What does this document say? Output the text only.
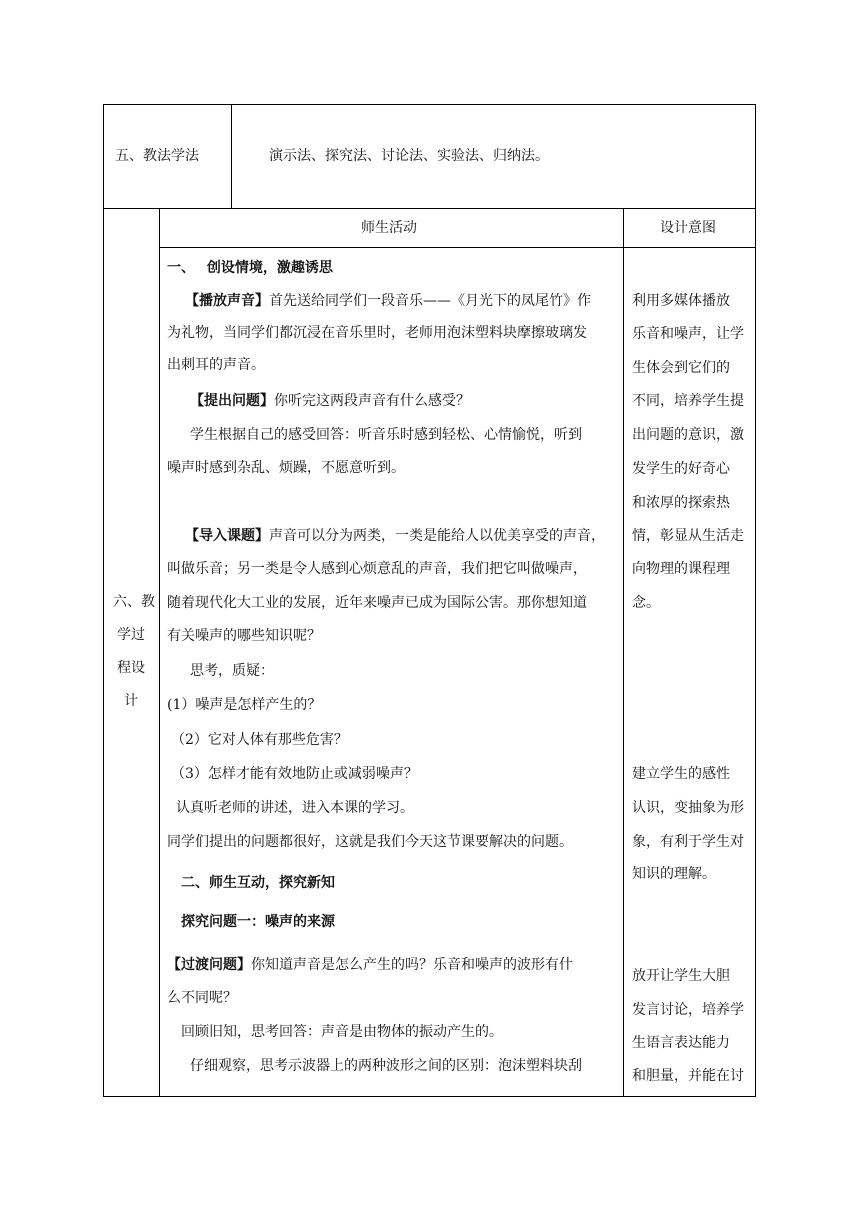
五、教法学法	演示法、探究法、讨论法、实验法、归纳法。
六、教
学过
程设
计
师生活动	设计意图
一、　 创设情境，激趣诱思
【播放声音】首先送给同学们一段音乐——《月光下的凤尾竹》作
为礼物，当同学们都沉浸在音乐里时，老师用泡沫塑料块摩擦玻璃发
出刺耳的声音。
【提出问题】你听完这两段声音有什么感受？
学生根据自己的感受回答：听音乐时感到轻松、心情愉悦，听到
噪声时感到杂乱、烦躁，不愿意听到。
【导入课题】声音可以分为两类，一类是能给人以优美享受的声音，
叫做乐音；另一类是令人感到心烦意乱的声音，我们把它叫做噪声，
随着现代化大工业的发展，近年来噪声已成为国际公害。那你想知道
有关噪声的哪些知识呢？
思考，质疑：
(1）噪声是怎样产生的？
（2）它对人体有那些危害？
（3）怎样才能有效地防止或减弱噪声？
认真听老师的讲述，进入本课的学习。
同学们提出的问题都很好，这就是我们今天这节课要解决的问题。
二、师生互动，探究新知
探究问题一：噪声的来源
【过渡问题】你知道声音是怎么产生的吗？乐音和噪声的波形有什
么不同呢？
回顾旧知，思考回答：声音是由物体的振动产生的。
仔细观察，思考示波器上的两种波形之间的区别：泡沫塑料块刮
利用多媒体播放
乐音和噪声，让学
生体会到它们的
不同，培养学生提
出问题的意识，激
发学生的好奇心
和浓厚的探索热
情，彰显从生活走
向物理的课程理
念。
建立学生的感性
认识，变抽象为形
象，有利于学生对
知识的理解。
放开让学生大胆
发言讨论，培养学
生语言表达能力
和胆量，并能在讨
